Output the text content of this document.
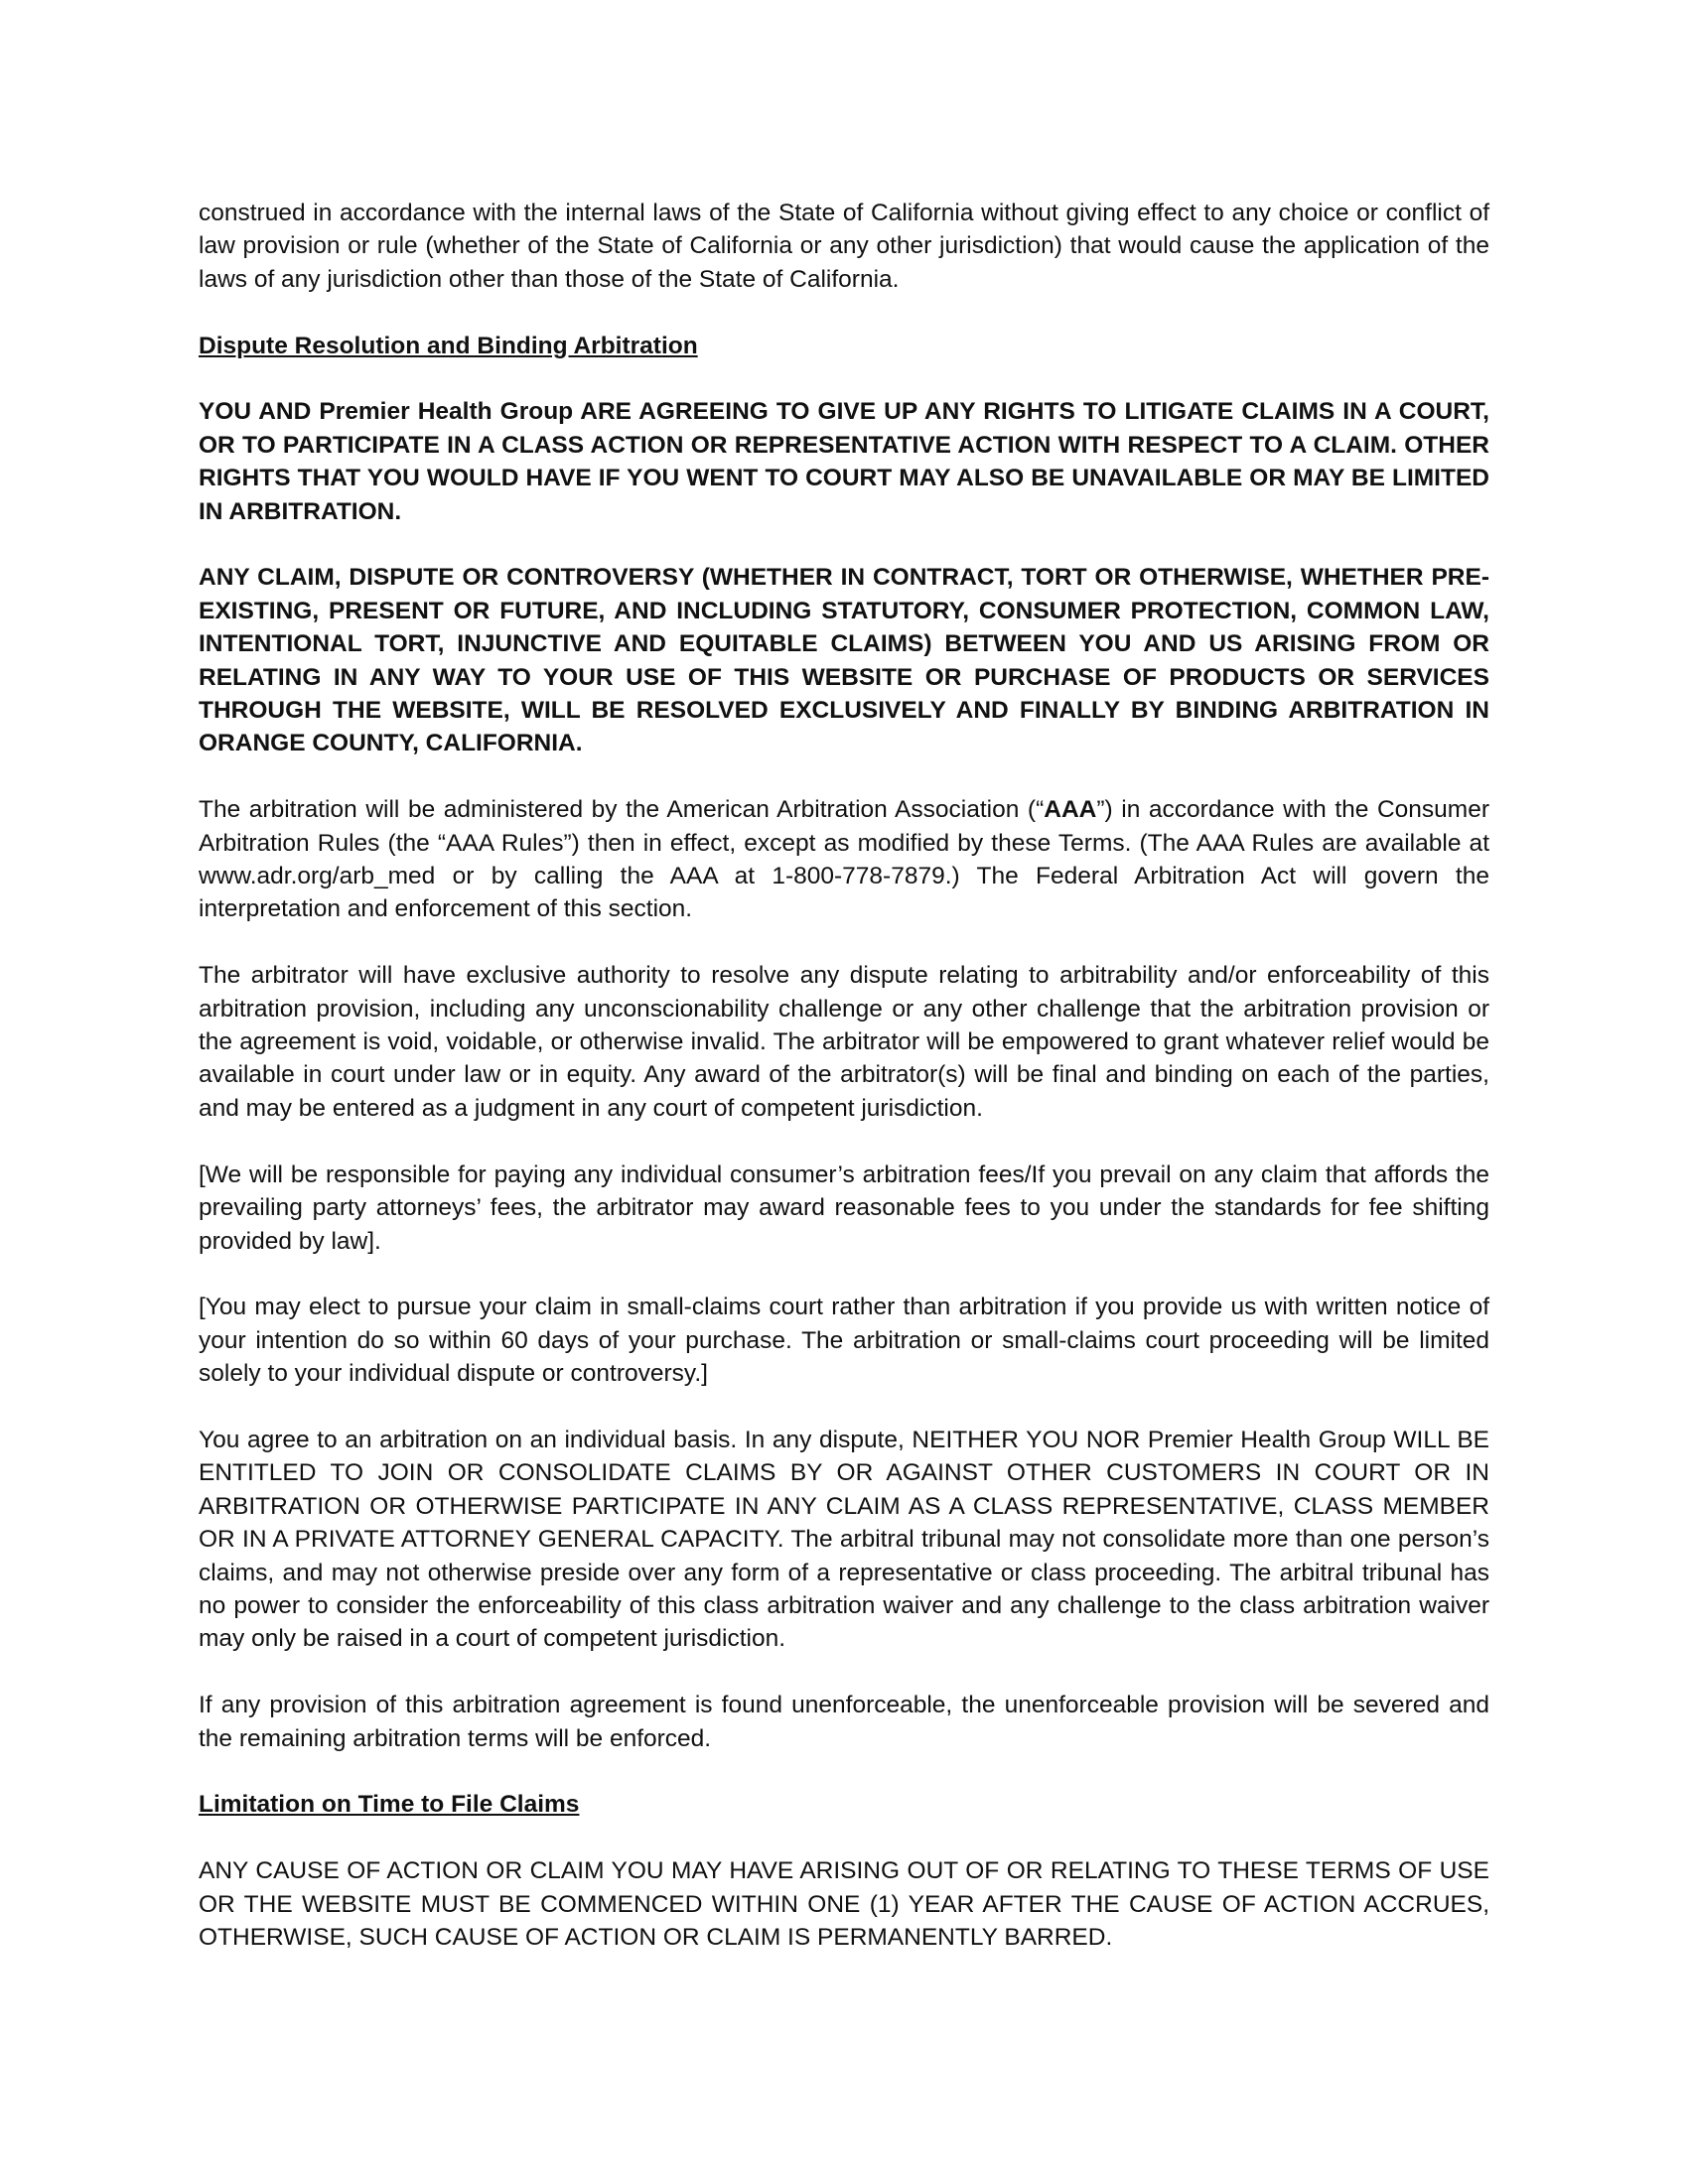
construed in accordance with the internal laws of the State of California without giving effect to any choice or conflict of law provision or rule (whether of the State of California or any other jurisdiction) that would cause the application of the laws of any jurisdiction other than those of the State of California.

Dispute Resolution and Binding Arbitration

YOU AND Premier Health Group ARE AGREEING TO GIVE UP ANY RIGHTS TO LITIGATE CLAIMS IN A COURT, OR TO PARTICIPATE IN A CLASS ACTION OR REPRESENTATIVE ACTION WITH RESPECT TO A CLAIM. OTHER RIGHTS THAT YOU WOULD HAVE IF YOU WENT TO COURT MAY ALSO BE UNAVAILABLE OR MAY BE LIMITED IN ARBITRATION.

ANY CLAIM, DISPUTE OR CONTROVERSY (WHETHER IN CONTRACT, TORT OR OTHERWISE, WHETHER PRE-EXISTING, PRESENT OR FUTURE, AND INCLUDING STATUTORY, CONSUMER PROTECTION, COMMON LAW, INTENTIONAL TORT, INJUNCTIVE AND EQUITABLE CLAIMS) BETWEEN YOU AND US ARISING FROM OR RELATING IN ANY WAY TO YOUR USE OF THIS WEBSITE OR PURCHASE OF PRODUCTS OR SERVICES THROUGH THE WEBSITE, WILL BE RESOLVED EXCLUSIVELY AND FINALLY BY BINDING ARBITRATION IN ORANGE COUNTY, CALIFORNIA.

The arbitration will be administered by the American Arbitration Association (“AAA”) in accordance with the Consumer Arbitration Rules (the “AAA Rules”) then in effect, except as modified by these Terms. (The AAA Rules are available at www.adr.org/arb_med or by calling the AAA at 1-800-778-7879.) The Federal Arbitration Act will govern the interpretation and enforcement of this section.

The arbitrator will have exclusive authority to resolve any dispute relating to arbitrability and/or enforceability of this arbitration provision, including any unconscionability challenge or any other challenge that the arbitration provision or the agreement is void, voidable, or otherwise invalid. The arbitrator will be empowered to grant whatever relief would be available in court under law or in equity. Any award of the arbitrator(s) will be final and binding on each of the parties, and may be entered as a judgment in any court of competent jurisdiction.

[We will be responsible for paying any individual consumer’s arbitration fees/If you prevail on any claim that affords the prevailing party attorneys’ fees, the arbitrator may award reasonable fees to you under the standards for fee shifting provided by law].

[You may elect to pursue your claim in small-claims court rather than arbitration if you provide us with written notice of your intention do so within 60 days of your purchase. The arbitration or small-claims court proceeding will be limited solely to your individual dispute or controversy.]

You agree to an arbitration on an individual basis. In any dispute, NEITHER YOU NOR Premier Health Group WILL BE ENTITLED TO JOIN OR CONSOLIDATE CLAIMS BY OR AGAINST OTHER CUSTOMERS IN COURT OR IN ARBITRATION OR OTHERWISE PARTICIPATE IN ANY CLAIM AS A CLASS REPRESENTATIVE, CLASS MEMBER OR IN A PRIVATE ATTORNEY GENERAL CAPACITY. The arbitral tribunal may not consolidate more than one person’s claims, and may not otherwise preside over any form of a representative or class proceeding. The arbitral tribunal has no power to consider the enforceability of this class arbitration waiver and any challenge to the class arbitration waiver may only be raised in a court of competent jurisdiction.

If any provision of this arbitration agreement is found unenforceable, the unenforceable provision will be severed and the remaining arbitration terms will be enforced.

Limitation on Time to File Claims

ANY CAUSE OF ACTION OR CLAIM YOU MAY HAVE ARISING OUT OF OR RELATING TO THESE TERMS OF USE OR THE WEBSITE MUST BE COMMENCED WITHIN ONE (1) YEAR AFTER THE CAUSE OF ACTION ACCRUES, OTHERWISE, SUCH CAUSE OF ACTION OR CLAIM IS PERMANENTLY BARRED.
